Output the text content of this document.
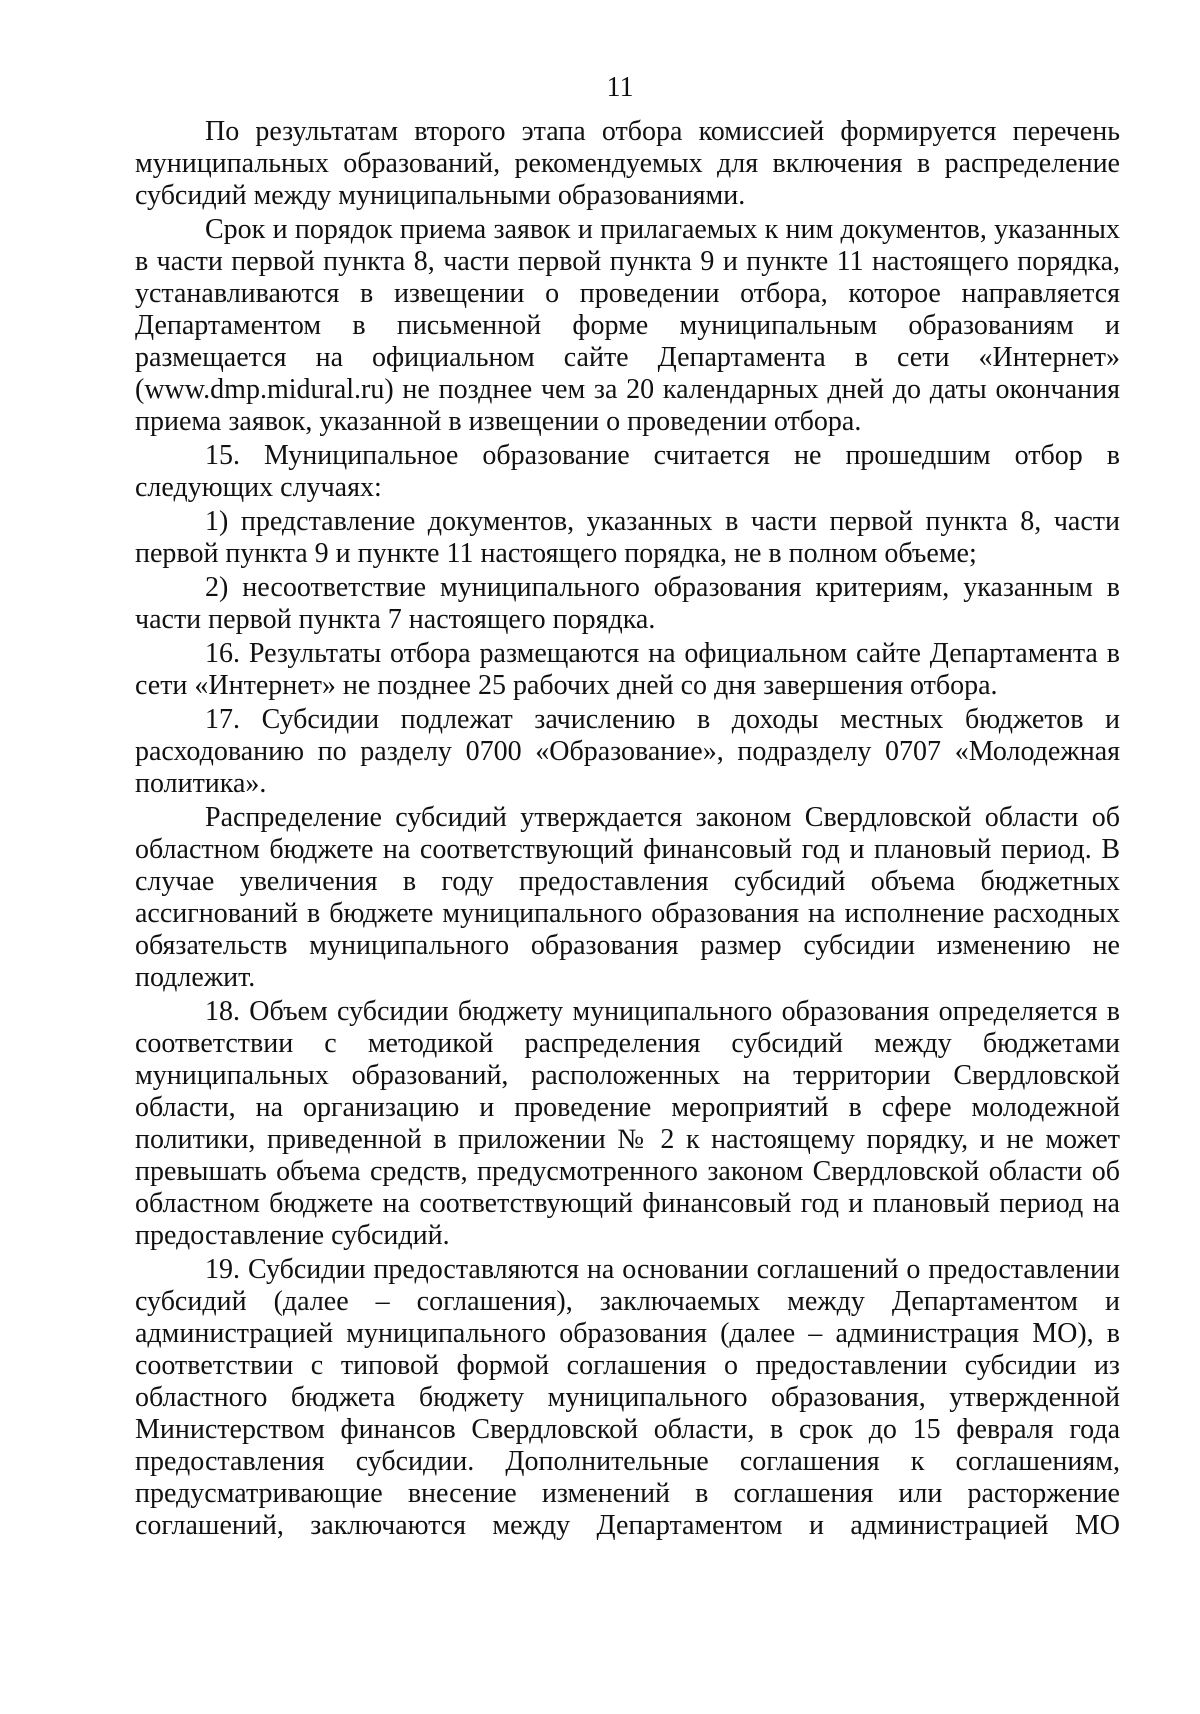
11

По результатам второго этапа отбора комиссией формируется перечень муниципальных образований, рекомендуемых для включения в распределение субсидий между муниципальными образованиями.

Срок и порядок приема заявок и прилагаемых к ним документов, указанных в части первой пункта 8, части первой пункта 9 и пункте 11 настоящего порядка, устанавливаются в извещении о проведении отбора, которое направляется Департаментом в письменной форме муниципальным образованиям и размещается на официальном сайте Департамента в сети «Интернет» (www.dmp.midural.ru) не позднее чем за 20 календарных дней до даты окончания приема заявок, указанной в извещении о проведении отбора.

15. Муниципальное образование считается не прошедшим отбор в следующих случаях:

1) представление документов, указанных в части первой пункта 8, части первой пункта 9 и пункте 11 настоящего порядка, не в полном объеме;

2) несоответствие муниципального образования критериям, указанным в части первой пункта 7 настоящего порядка.

16. Результаты отбора размещаются на официальном сайте Департамента в сети «Интернет» не позднее 25 рабочих дней со дня завершения отбора.

17. Субсидии подлежат зачислению в доходы местных бюджетов и расходованию по разделу 0700 «Образование», подразделу 0707 «Молодежная политика».

Распределение субсидий утверждается законом Свердловской области об областном бюджете на соответствующий финансовый год и плановый период. В случае увеличения в году предоставления субсидий объема бюджетных ассигнований в бюджете муниципального образования на исполнение расходных обязательств муниципального образования размер субсидии изменению не подлежит.

18. Объем субсидии бюджету муниципального образования определяется в соответствии с методикой распределения субсидий между бюджетами муниципальных образований, расположенных на территории Свердловской области, на организацию и проведение мероприятий в сфере молодежной политики, приведенной в приложении № 2 к настоящему порядку, и не может превышать объема средств, предусмотренного законом Свердловской области об областном бюджете на соответствующий финансовый год и плановый период на предоставление субсидий.

19. Субсидии предоставляются на основании соглашений о предоставлении субсидий (далее – соглашения), заключаемых между Департаментом и администрацией муниципального образования (далее – администрация МО), в соответствии с типовой формой соглашения о предоставлении субсидии из областного бюджета бюджету муниципального образования, утвержденной Министерством финансов Свердловской области, в срок до 15 февраля года предоставления субсидии. Дополнительные соглашения к соглашениям, предусматривающие внесение изменений в соглашения или расторжение соглашений, заключаются между Департаментом и администрацией МО
